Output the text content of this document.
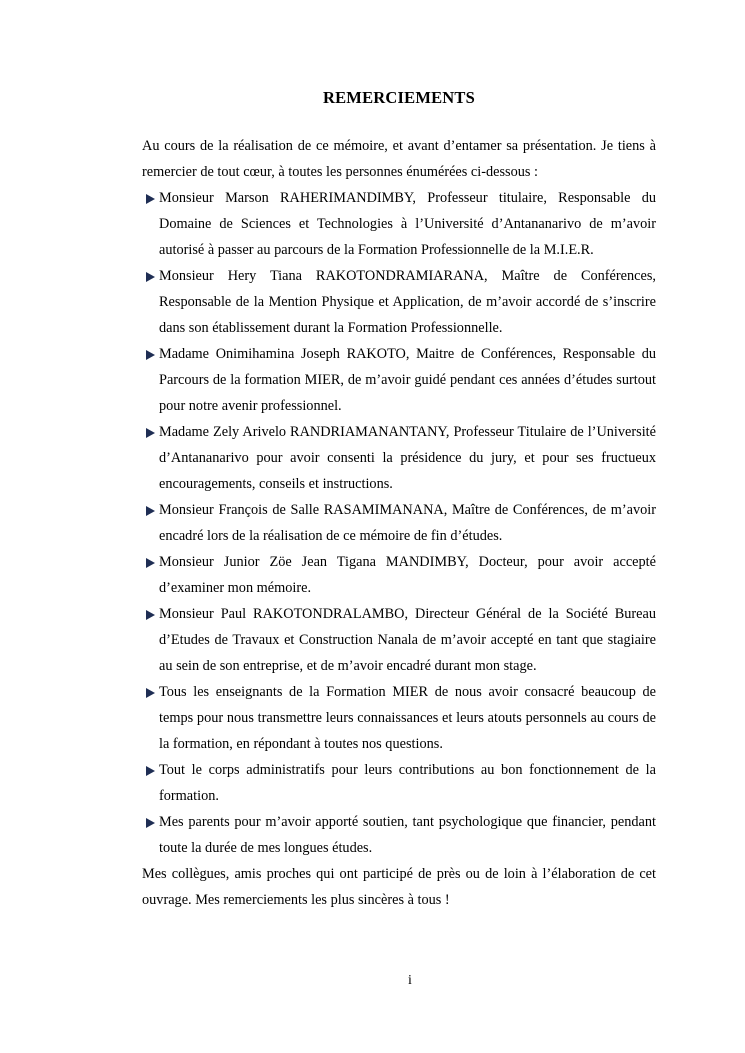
REMERCIEMENTS

Au cours de la réalisation de ce mémoire, et avant d’entamer sa présentation. Je tiens à remercier de tout cœur, à toutes les personnes énumérées ci-dessous :

Monsieur Marson RAHERIMANDIMBY, Professeur titulaire, Responsable du Domaine de Sciences et Technologies à l’Université d’Antananarivo de m’avoir autorisé à passer au parcours de la Formation Professionnelle de la M.I.E.R.
Monsieur Hery Tiana RAKOTONDRAMIARANA, Maître de Conférences, Responsable de la Mention Physique et Application, de m’avoir accordé de s’inscrire dans son établissement durant la Formation Professionnelle.
Madame Onimihamina Joseph RAKOTO, Maitre de Conférences, Responsable du Parcours de la formation MIER, de m’avoir guidé pendant ces années d’études surtout pour notre avenir professionnel.
Madame Zely Arivelo RANDRIAMANANTANY, Professeur Titulaire de l’Université d’Antananarivo pour avoir consenti la présidence du jury, et pour ses fructueux encouragements, conseils et instructions.
Monsieur François de Salle RASAMIMANANA, Maître de Conférences, de m’avoir encadré lors de la réalisation de ce mémoire de fin d’études.
Monsieur Junior Zöe Jean Tigana MANDIMBY, Docteur, pour avoir accepté d’examiner mon mémoire.
Monsieur Paul RAKOTONDRALAMBO, Directeur Général de la Société Bureau d’Etudes de Travaux et Construction Nanala de m’avoir accepté en tant que stagiaire au sein de son entreprise, et de m’avoir encadré durant mon stage.
Tous les enseignants de la Formation MIER de nous avoir consacré beaucoup de temps pour nous transmettre leurs connaissances et leurs atouts personnels au cours de la formation, en répondant à toutes nos questions.
Tout le corps administratifs pour leurs contributions au bon fonctionnement de la formation.
Mes parents pour m’avoir apporté soutien, tant psychologique que financier, pendant toute la durée de mes longues études.

Mes collègues, amis proches qui ont participé de près ou de loin à l’élaboration de cet ouvrage. Mes remerciements les plus sincères à tous !

i
